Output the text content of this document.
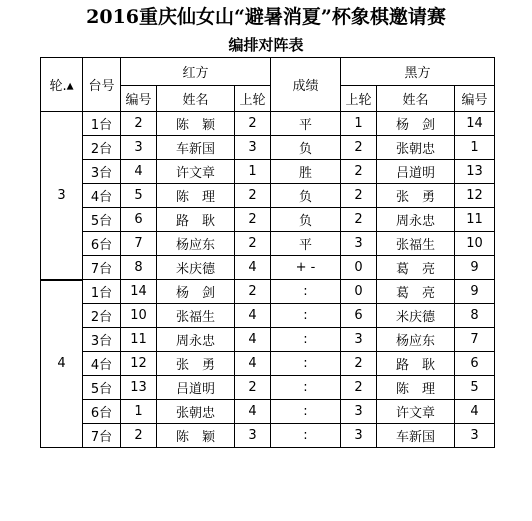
2016重庆仙女山“避暑消夏”杯象棋邀请赛
编排对阵表
轮.▲	台号	红方			成绩	黑方		
		编号	姓名	上轮		上轮	姓名	编号
3	1台	2	陈　颖	2	平	1	杨　剑	14
	2台	3	车新国	3	负	2	张朝忠	1
	3台	4	许文章	1	胜	2	吕道明	13
	4台	5	陈　理	2	负	2	张　勇	12
	5台	6	路　耿	2	负	2	周永忠	11
	6台	7	杨应东	2	平	3	张福生	10
	7台	8	米庆德	4	+ -	0	葛　亮	9
4	1台	14	杨　剑	2	:	0	葛　亮	9
	2台	10	张福生	4	:	6	米庆德	8
	3台	11	周永忠	4	:	3	杨应东	7
	4台	12	张　勇	4	:	2	路　耿	6
	5台	13	吕道明	2	:	2	陈　理	5
	6台	1	张朝忠	4	:	3	许文章	4
	7台	2	陈　颖	3	:	3	车新国	3
